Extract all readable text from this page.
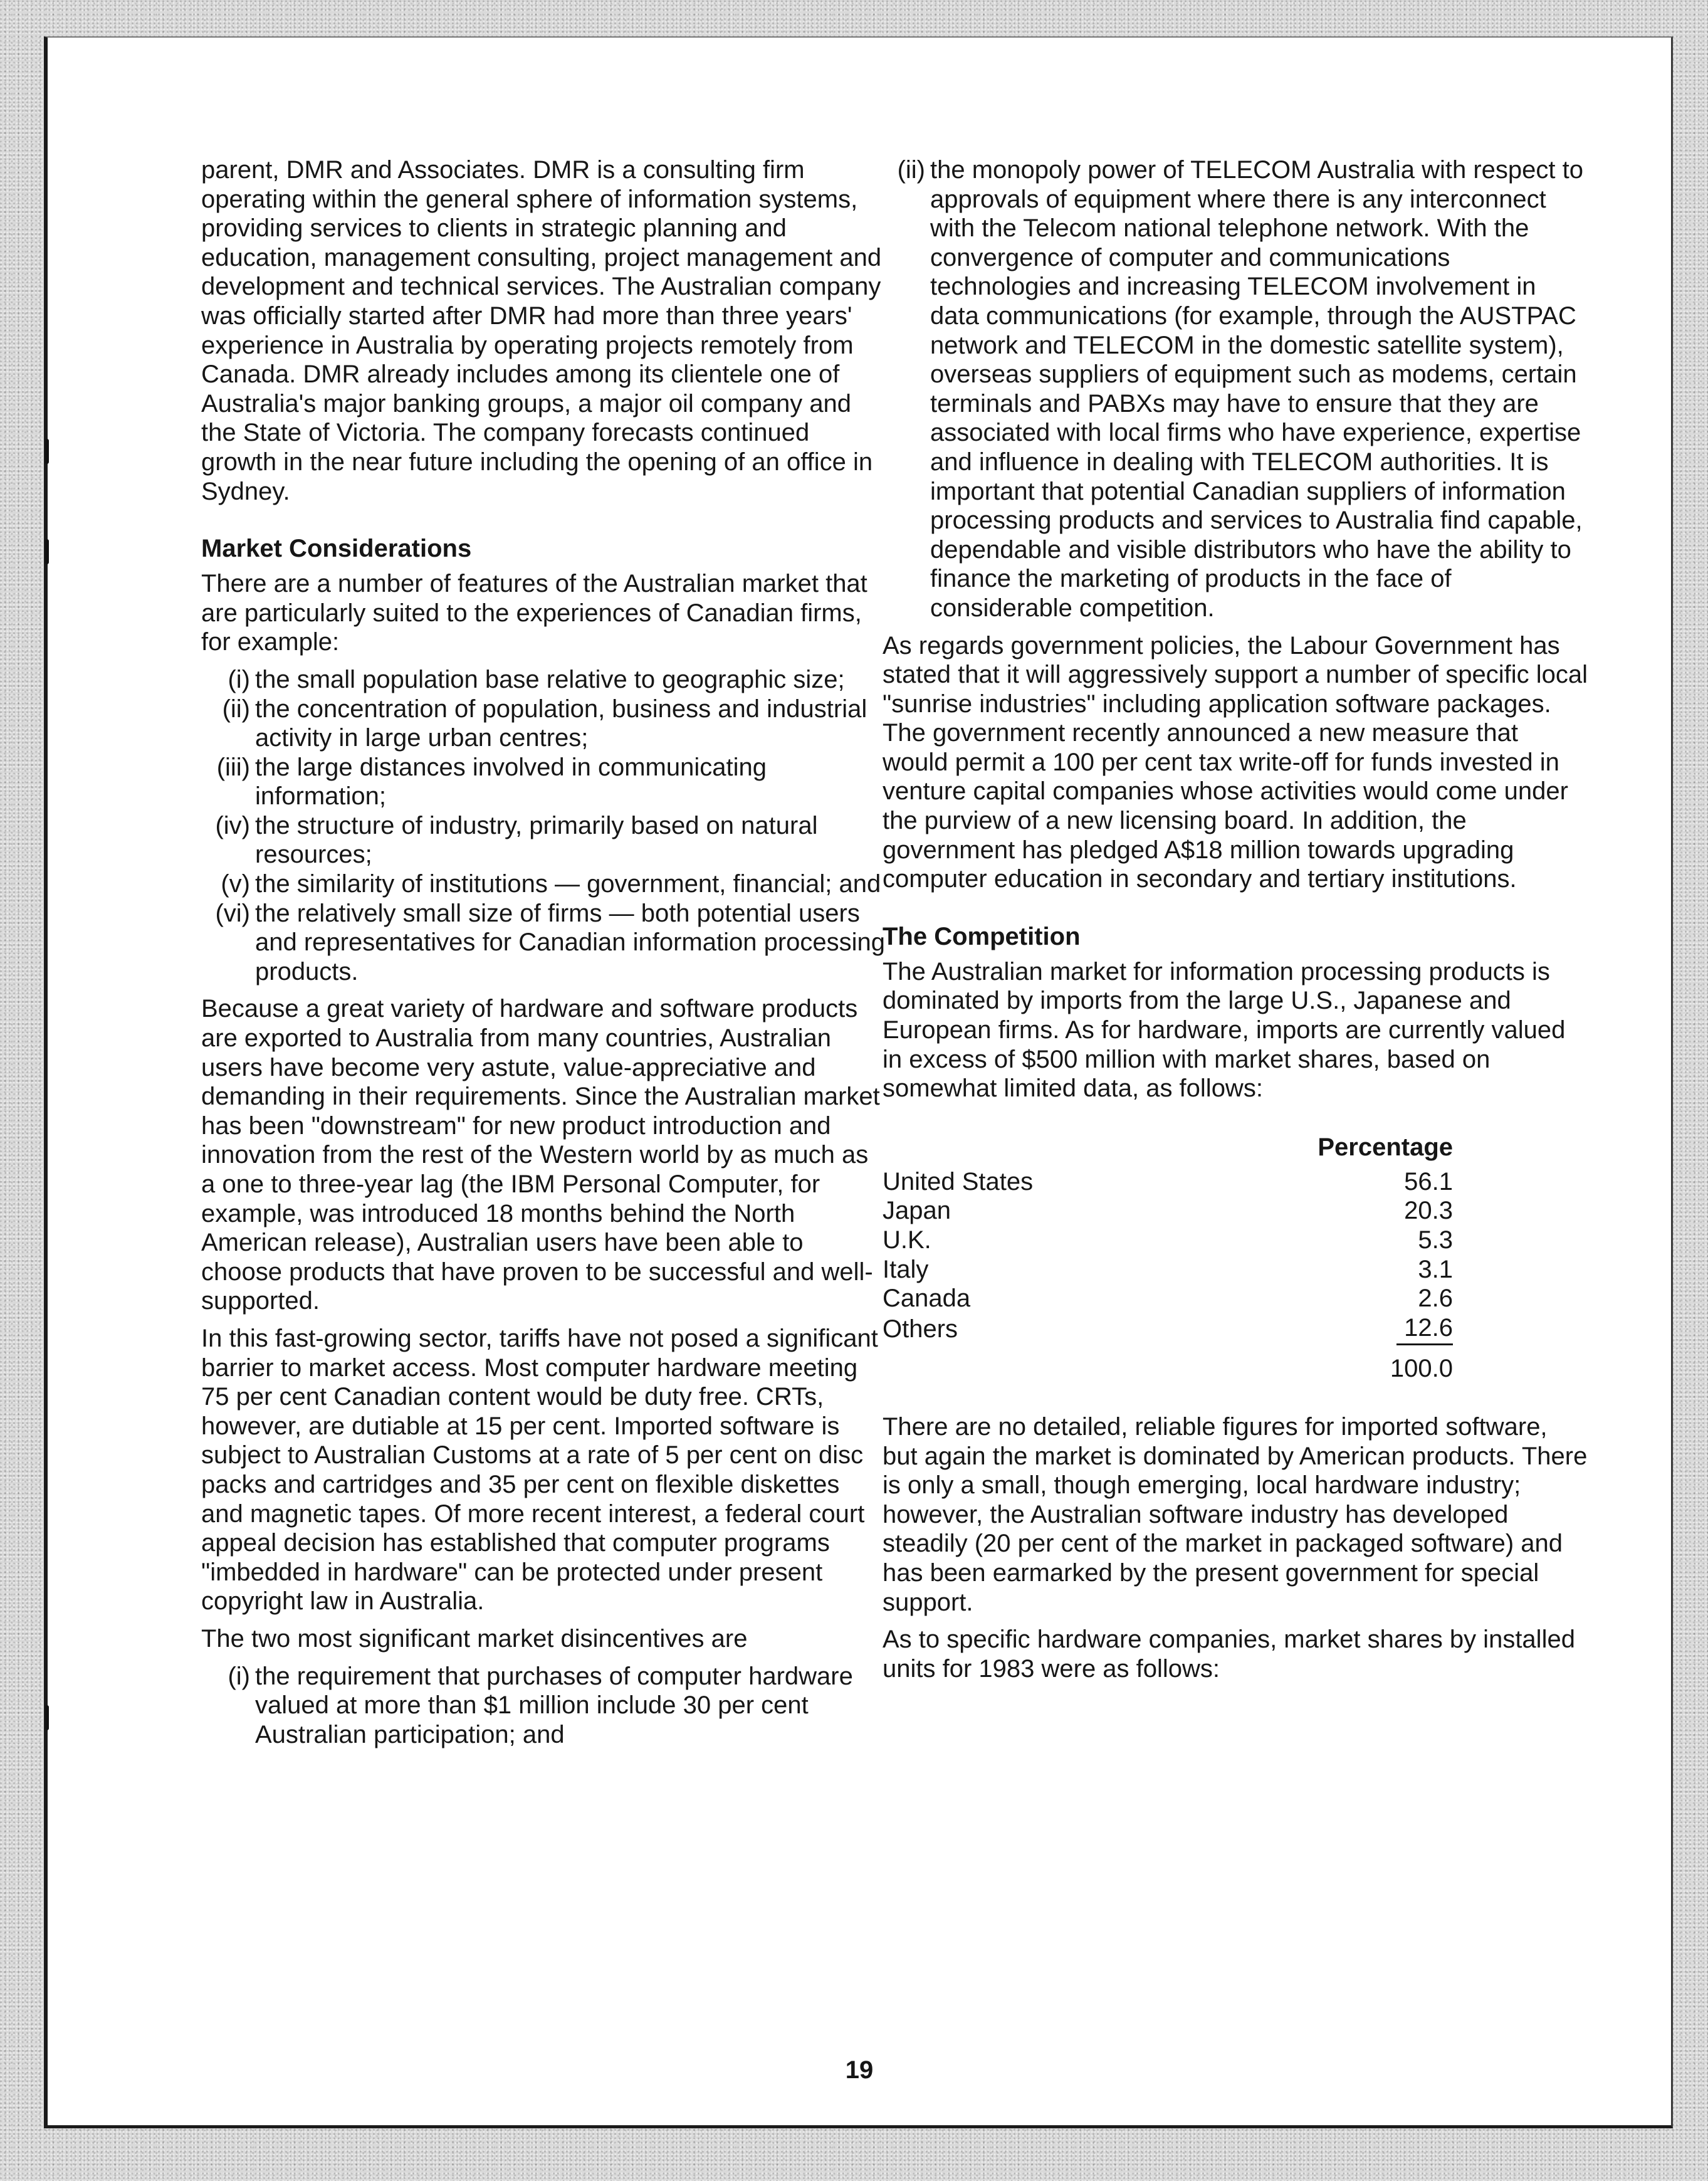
parent, DMR and Associates. DMR is a consulting firm operating within the general sphere of information systems, providing services to clients in strategic planning and education, management consulting, project management and development and technical services. The Australian company was officially started after DMR had more than three years' experience in Australia by operating projects remotely from Canada. DMR already includes among its clientele one of Australia's major banking groups, a major oil company and the State of Victoria. The company forecasts continued growth in the near future including the opening of an office in Sydney.

Market Considerations

There are a number of features of the Australian market that are particularly suited to the experiences of Canadian firms, for example:

(i) the small population base relative to geographic size;
(ii) the concentration of population, business and industrial activity in large urban centres;
(iii) the large distances involved in communicating information;
(iv) the structure of industry, primarily based on natural resources;
(v) the similarity of institutions — government, financial; and
(vi) the relatively small size of firms — both potential users and representatives for Canadian information processing products.

Because a great variety of hardware and software products are exported to Australia from many countries, Australian users have become very astute, value-appreciative and demanding in their requirements. Since the Australian market has been "downstream" for new product introduction and innovation from the rest of the Western world by as much as a one to three-year lag (the IBM Personal Computer, for example, was introduced 18 months behind the North American release), Australian users have been able to choose products that have proven to be successful and well-supported.

In this fast-growing sector, tariffs have not posed a significant barrier to market access. Most computer hardware meeting 75 per cent Canadian content would be duty free. CRTs, however, are dutiable at 15 per cent. Imported software is subject to Australian Customs at a rate of 5 per cent on disc packs and cartridges and 35 per cent on flexible diskettes and magnetic tapes. Of more recent interest, a federal court appeal decision has established that computer programs "imbedded in hardware" can be protected under present copyright law in Australia.

The two most significant market disincentives are

(i) the requirement that purchases of computer hardware valued at more than $1 million include 30 per cent Australian participation; and
(ii) the monopoly power of TELECOM Australia with respect to approvals of equipment where there is any interconnect with the Telecom national telephone network. With the convergence of computer and communications technologies and increasing TELECOM involvement in data communications (for example, through the AUSTPAC network and TELECOM in the domestic satellite system), overseas suppliers of equipment such as modems, certain terminals and PABXs may have to ensure that they are associated with local firms who have experience, expertise and influence in dealing with TELECOM authorities. It is important that potential Canadian suppliers of information processing products and services to Australia find capable, dependable and visible distributors who have the ability to finance the marketing of products in the face of considerable competition.

As regards government policies, the Labour Government has stated that it will aggressively support a number of specific local "sunrise industries" including application software packages. The government recently announced a new measure that would permit a 100 per cent tax write-off for funds invested in venture capital companies whose activities would come under the purview of a new licensing board. In addition, the government has pledged A$18 million towards upgrading computer education in secondary and tertiary institutions.

The Competition

The Australian market for information processing products is dominated by imports from the large U.S., Japanese and European firms. As for hardware, imports are currently valued in excess of $500 million with market shares, based on somewhat limited data, as follows:

	Percentage
United States	56.1
Japan	20.3
U.K.	5.3
Italy	3.1
Canada	2.6
Others	12.6
	100.0

There are no detailed, reliable figures for imported software, but again the market is dominated by American products. There is only a small, though emerging, local hardware industry; however, the Australian software industry has developed steadily (20 per cent of the market in packaged software) and has been earmarked by the present government for special support.

As to specific hardware companies, market shares by installed units for 1983 were as follows:

19
